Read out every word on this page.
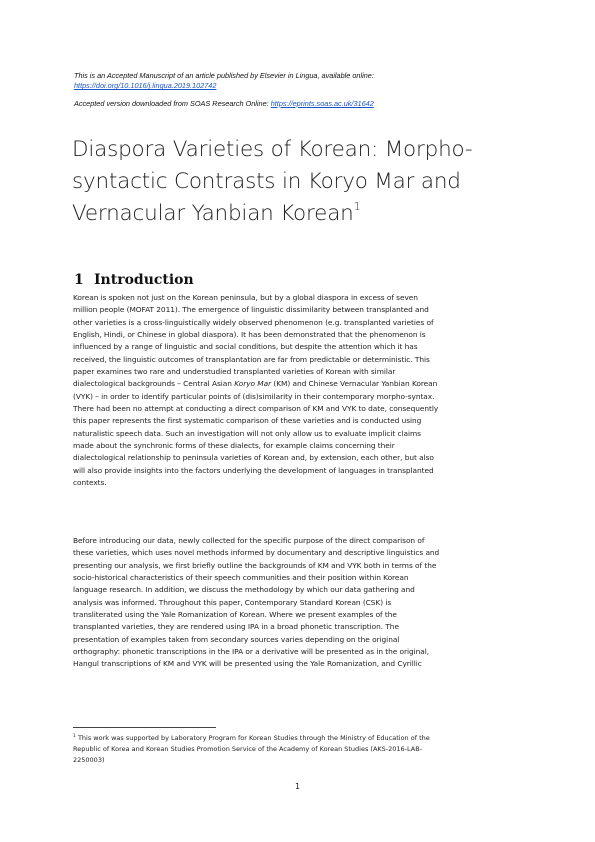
This is an Accepted Manuscript of an article published by Elsevier in Lingua, available online:
https://doi.org/10.1016/j.lingua.2019.102742
Accepted version downloaded from SOAS Research Online: https://eprints.soas.ac.uk/31642
Diaspora Varieties of Korean: Morpho-
syntactic Contrasts in Koryo Mar and
Vernacular Yanbian Korean$^1$
1 Introduction
Korean is spoken not just on the Korean peninsula, but by a global diaspora in excess of seven
million people (MOFAT 2011). The emergence of linguistic dissimilarity between transplanted and
other varieties is a cross-linguistically widely observed phenomenon (e.g. transplanted varieties of
English, Hindi, or Chinese in global diaspora). It has been demonstrated that the phenomenon is
influenced by a range of linguistic and social conditions, but despite the attention which it has
received, the linguistic outcomes of transplantation are far from predictable or deterministic. This
paper examines two rare and understudied transplanted varieties of Korean with similar
dialectological backgrounds – Central Asian Koryo Mar (KM) and Chinese Vernacular Yanbian Korean
(VYK) – in order to identify particular points of (dis)similarity in their contemporary morpho-syntax.
There had been no attempt at conducting a direct comparison of KM and VYK to date, consequently
this paper represents the first systematic comparison of these varieties and is conducted using
naturalistic speech data. Such an investigation will not only allow us to evaluate implicit claims
made about the synchronic forms of these dialects, for example claims concerning their
dialectological relationship to peninsula varieties of Korean and, by extension, each other, but also
will also provide insights into the factors underlying the development of languages in transplanted
contexts.
Before introducing our data, newly collected for the specific purpose of the direct comparison of
these varieties, which uses novel methods informed by documentary and descriptive linguistics and
presenting our analysis, we first briefly outline the backgrounds of KM and VYK both in terms of the
socio-historical characteristics of their speech communities and their position within Korean
language research. In addition, we discuss the methodology by which our data gathering and
analysis was informed. Throughout this paper, Contemporary Standard Korean (CSK) is
transliterated using the Yale Romanization of Korean. Where we present examples of the
transplanted varieties, they are rendered using IPA in a broad phonetic transcription. The
presentation of examples taken from secondary sources varies depending on the original
orthography: phonetic transcriptions in the IPA or a derivative will be presented as in the original,
Hangul transcriptions of KM and VYK will be presented using the Yale Romanization, and Cyrillic
$^1$ This work was supported by Laboratory Program for Korean Studies through the Ministry of Education of the
Republic of Korea and Korean Studies Promotion Service of the Academy of Korean Studies (AKS-2016-LAB-
2250003)
1
